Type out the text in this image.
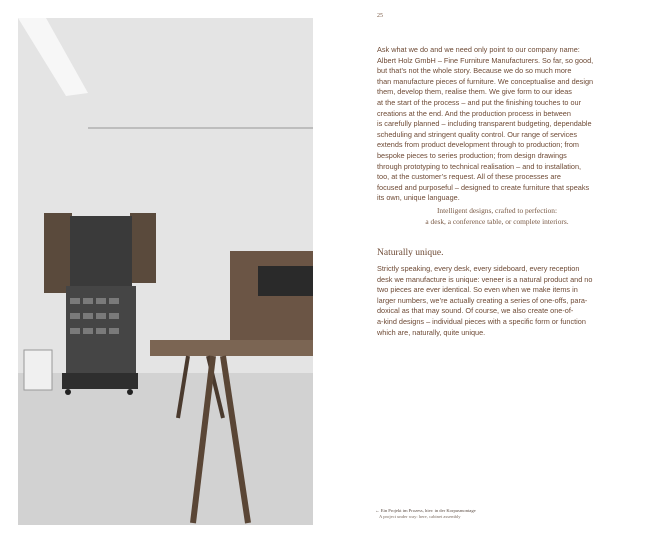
25
Ask what we do and we need only point to our company name:
Albert Holz GmbH – Fine Furniture Manufacturers. So far, so good,
but that’s not the whole story. Because we do so much more
than manufacture pieces of furniture. We conceptualise and design
them, develop them, realise them. We give form to our ideas
at the start of the process – and put the finishing touches to our
creations at the end. And the production process in between
is carefully planned – including transparent budgeting, dependable
scheduling and stringent quality control. Our range of services
extends from product development through to production; from
bespoke pieces to series production; from design drawings
through prototyping to technical realisation – and to installation,
too, at the customer’s request. All of these processes are
focused and purposeful – designed to create furniture that speaks
its own, unique language.
Intelligent designs, crafted to perfection:
a desk, a conference table, or complete interiors.
Naturally unique.
Strictly speaking, every desk, every sideboard, every reception
desk we manufacture is unique: veneer is a natural product and no
two pieces are ever identical. So even when we make items in
larger numbers, we’re actually creating a series of one-offs, para-
doxical as that may sound. Of course, we also create one-of-
a-kind designs – individual pieces with a specific form or function
which are, naturally, quite unique.
← Ein Projekt im Prozess, hier: in der Korpusmontage
A project under way: here, cabinet assembly
